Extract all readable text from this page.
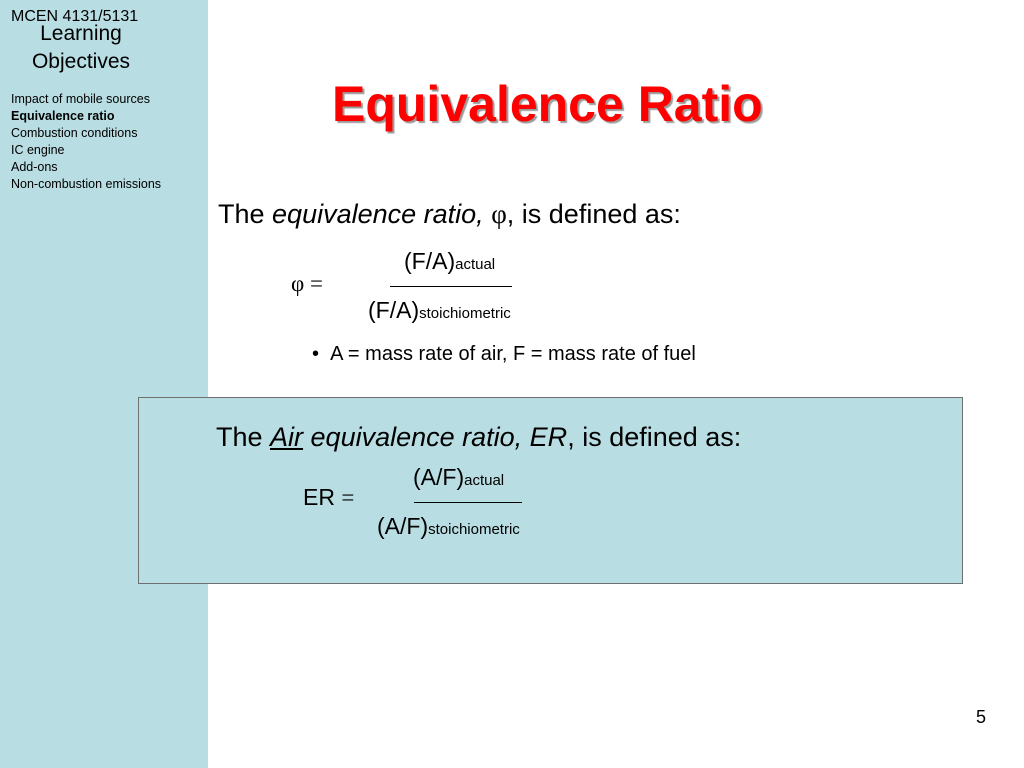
Learning Objectives
MCEN 4131/5131
Impact of mobile sources
Equivalence ratio
Combustion conditions
IC engine
Add-ons
Non-combustion emissions
Equivalence Ratio
The equivalence ratio, φ, is defined as:
φ =
(F/A)actual
(F/A)stoichiometric
• A = mass rate of air, F = mass rate of fuel
The Air equivalence ratio, ER, is defined as:
ER =
(A/F)actual
(A/F)stoichiometric
5
